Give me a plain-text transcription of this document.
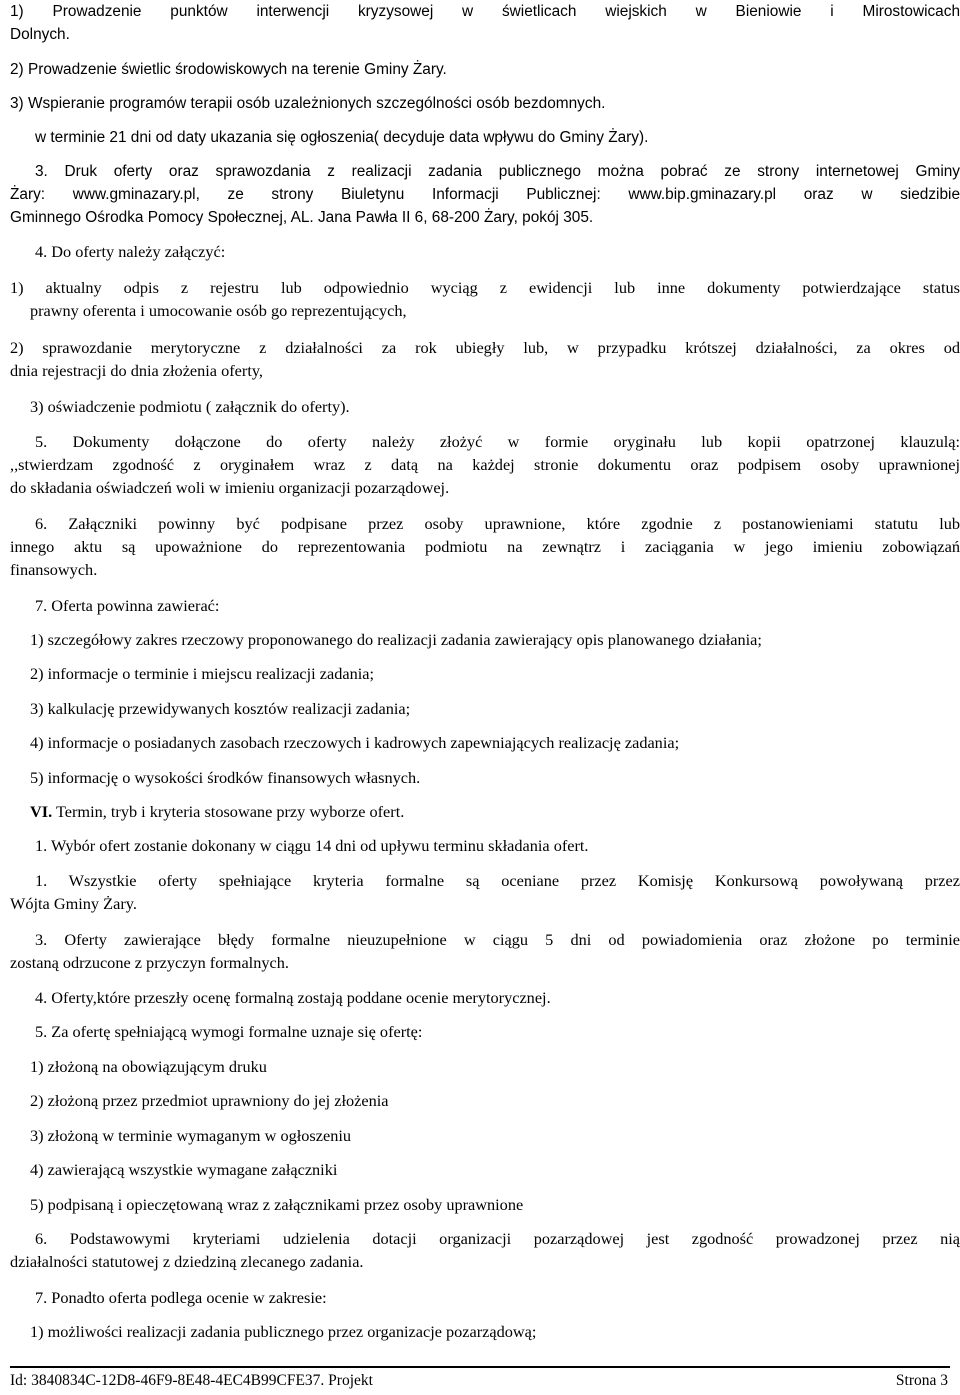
1) Prowadzenie punktów interwencji kryzysowej w świetlicach wiejskich w Bieniowie i Mirostowicach
Dolnych.
2) Prowadzenie świetlic środowiskowych na terenie Gminy Żary.
3) Wspieranie programów terapii osób uzależnionych szczególności osób bezdomnych.
w terminie 21 dni od daty ukazania się ogłoszenia( decyduje data wpływu do Gminy Żary).
3. Druk oferty oraz sprawozdania z realizacji zadania publicznego można pobrać ze strony internetowej Gminy
Żary: www.gminazary.pl, ze strony Biuletynu Informacji Publicznej: www.bip.gminazary.pl oraz w siedzibie
Gminnego Ośrodka Pomocy Społecznej, AL. Jana Pawła II 6, 68-200 Żary, pokój 305.
4. Do oferty należy załączyć:
1) aktualny odpis z rejestru lub odpowiednio wyciąg z ewidencji lub inne dokumenty potwierdzające status
prawny oferenta i umocowanie osób go reprezentujących,
2) sprawozdanie merytoryczne z działalności za rok ubiegły lub, w przypadku krótszej działalności, za okres od
dnia rejestracji do dnia złożenia oferty,
3) oświadczenie podmiotu ( załącznik do oferty).
5. Dokumenty dołączone do oferty należy złożyć w formie oryginału lub kopii opatrzonej klauzulą:
,,stwierdzam zgodność z oryginałem wraz z datą na każdej stronie dokumentu oraz podpisem osoby uprawnionej
do składania oświadczeń woli w imieniu organizacji pozarządowej.
6. Załączniki powinny być podpisane przez osoby uprawnione, które zgodnie z postanowieniami statutu lub
innego aktu są upoważnione do reprezentowania podmiotu na zewnątrz i zaciągania w jego imieniu zobowiązań
finansowych.
7. Oferta powinna zawierać:
1) szczegółowy zakres rzeczowy proponowanego do realizacji zadania zawierający opis planowanego działania;
2) informacje o terminie i miejscu realizacji zadania;
3) kalkulację przewidywanych kosztów realizacji zadania;
4) informacje o posiadanych zasobach rzeczowych i kadrowych zapewniających realizację zadania;
5) informację o wysokości środków finansowych własnych.
VI. Termin, tryb i kryteria stosowane przy wyborze ofert.
1. Wybór ofert zostanie dokonany w ciągu 14 dni od upływu terminu składania ofert.
1. Wszystkie oferty spełniające kryteria formalne są oceniane przez Komisję Konkursową powoływaną przez
Wójta Gminy Żary.
3. Oferty zawierające błędy formalne nieuzupełnione w ciągu 5 dni od powiadomienia oraz złożone po terminie
zostaną odrzucone z przyczyn formalnych.
4. Oferty,które przeszły ocenę formalną zostają poddane ocenie merytorycznej.
5. Za ofertę spełniającą wymogi formalne uznaje się ofertę:
1) złożoną na obowiązującym druku
2) złożoną przez przedmiot uprawniony do jej złożenia
3) złożoną w terminie wymaganym w ogłoszeniu
4) zawierającą wszystkie wymagane załączniki
5) podpisaną i opieczętowaną wraz z załącznikami przez osoby uprawnione
6. Podstawowymi kryteriami udzielenia dotacji organizacji pozarządowej jest zgodność prowadzonej przez nią
działalności statutowej z dziedziną zlecanego zadania.
7. Ponadto oferta podlega ocenie w zakresie:
1) możliwości realizacji zadania publicznego przez organizacje pozarządową;
Id: 3840834C-12D8-46F9-8E48-4EC4B99CFE37. Projekt	Strona 3
